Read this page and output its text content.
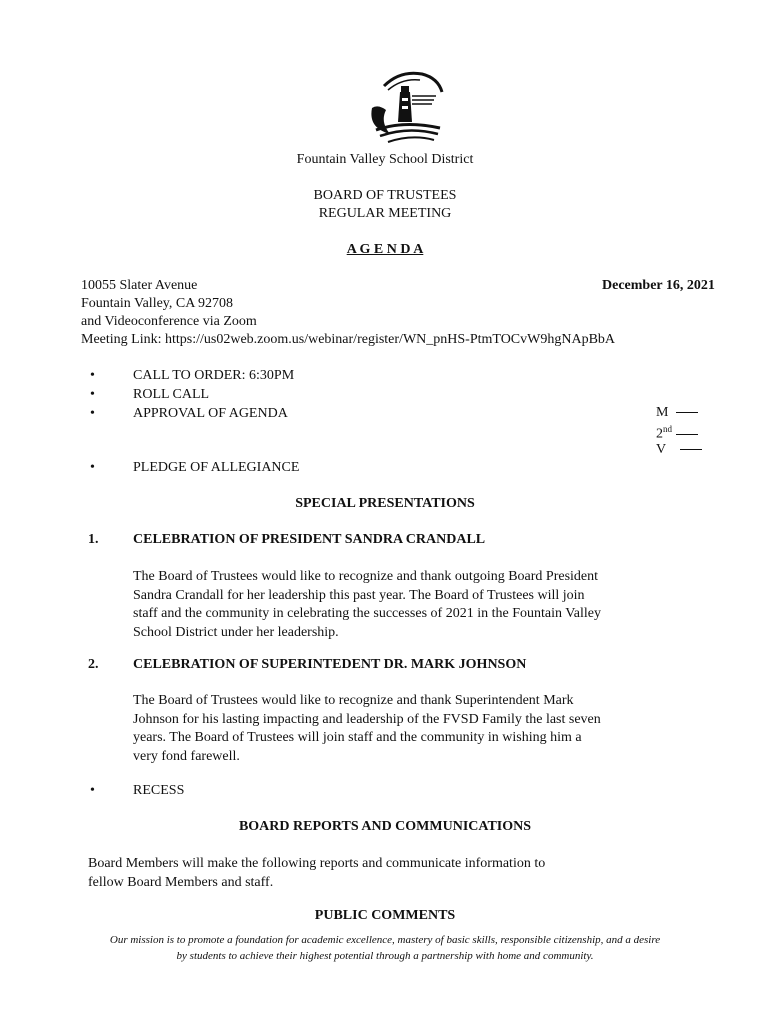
Fountain Valley School District
BOARD OF TRUSTEES
REGULAR MEETING
A G E N D A
10055 Slater Avenue	December 16, 2021
Fountain Valley, CA 92708
and Videoconference via Zoom
Meeting Link: https://us02web.zoom.us/webinar/register/WN_pnHS-PtmTOCvW9hgNApBbA
•	CALL TO ORDER: 6:30PM
•	ROLL CALL
•	APPROVAL OF AGENDA	M
2nd
V
•	PLEDGE OF ALLEGIANCE
SPECIAL PRESENTATIONS
1. CELEBRATION OF PRESIDENT SANDRA CRANDALL
The Board of Trustees would like to recognize and thank outgoing Board President
Sandra Crandall for her leadership this past year. The Board of Trustees will join
staff and the community in celebrating the successes of 2021 in the Fountain Valley
School District under her leadership.
2. CELEBRATION OF SUPERINTEDENT DR. MARK JOHNSON
The Board of Trustees would like to recognize and thank Superintendent Mark
Johnson for his lasting impacting and leadership of the FVSD Family the last seven
years. The Board of Trustees will join staff and the community in wishing him a
very fond farewell.
•	RECESS
BOARD REPORTS AND COMMUNICATIONS
Board Members will make the following reports and communicate information to
fellow Board Members and staff.
PUBLIC COMMENTS
Our mission is to promote a foundation for academic excellence, mastery of basic skills, responsible citizenship, and a desire
by students to achieve their highest potential through a partnership with home and community.
